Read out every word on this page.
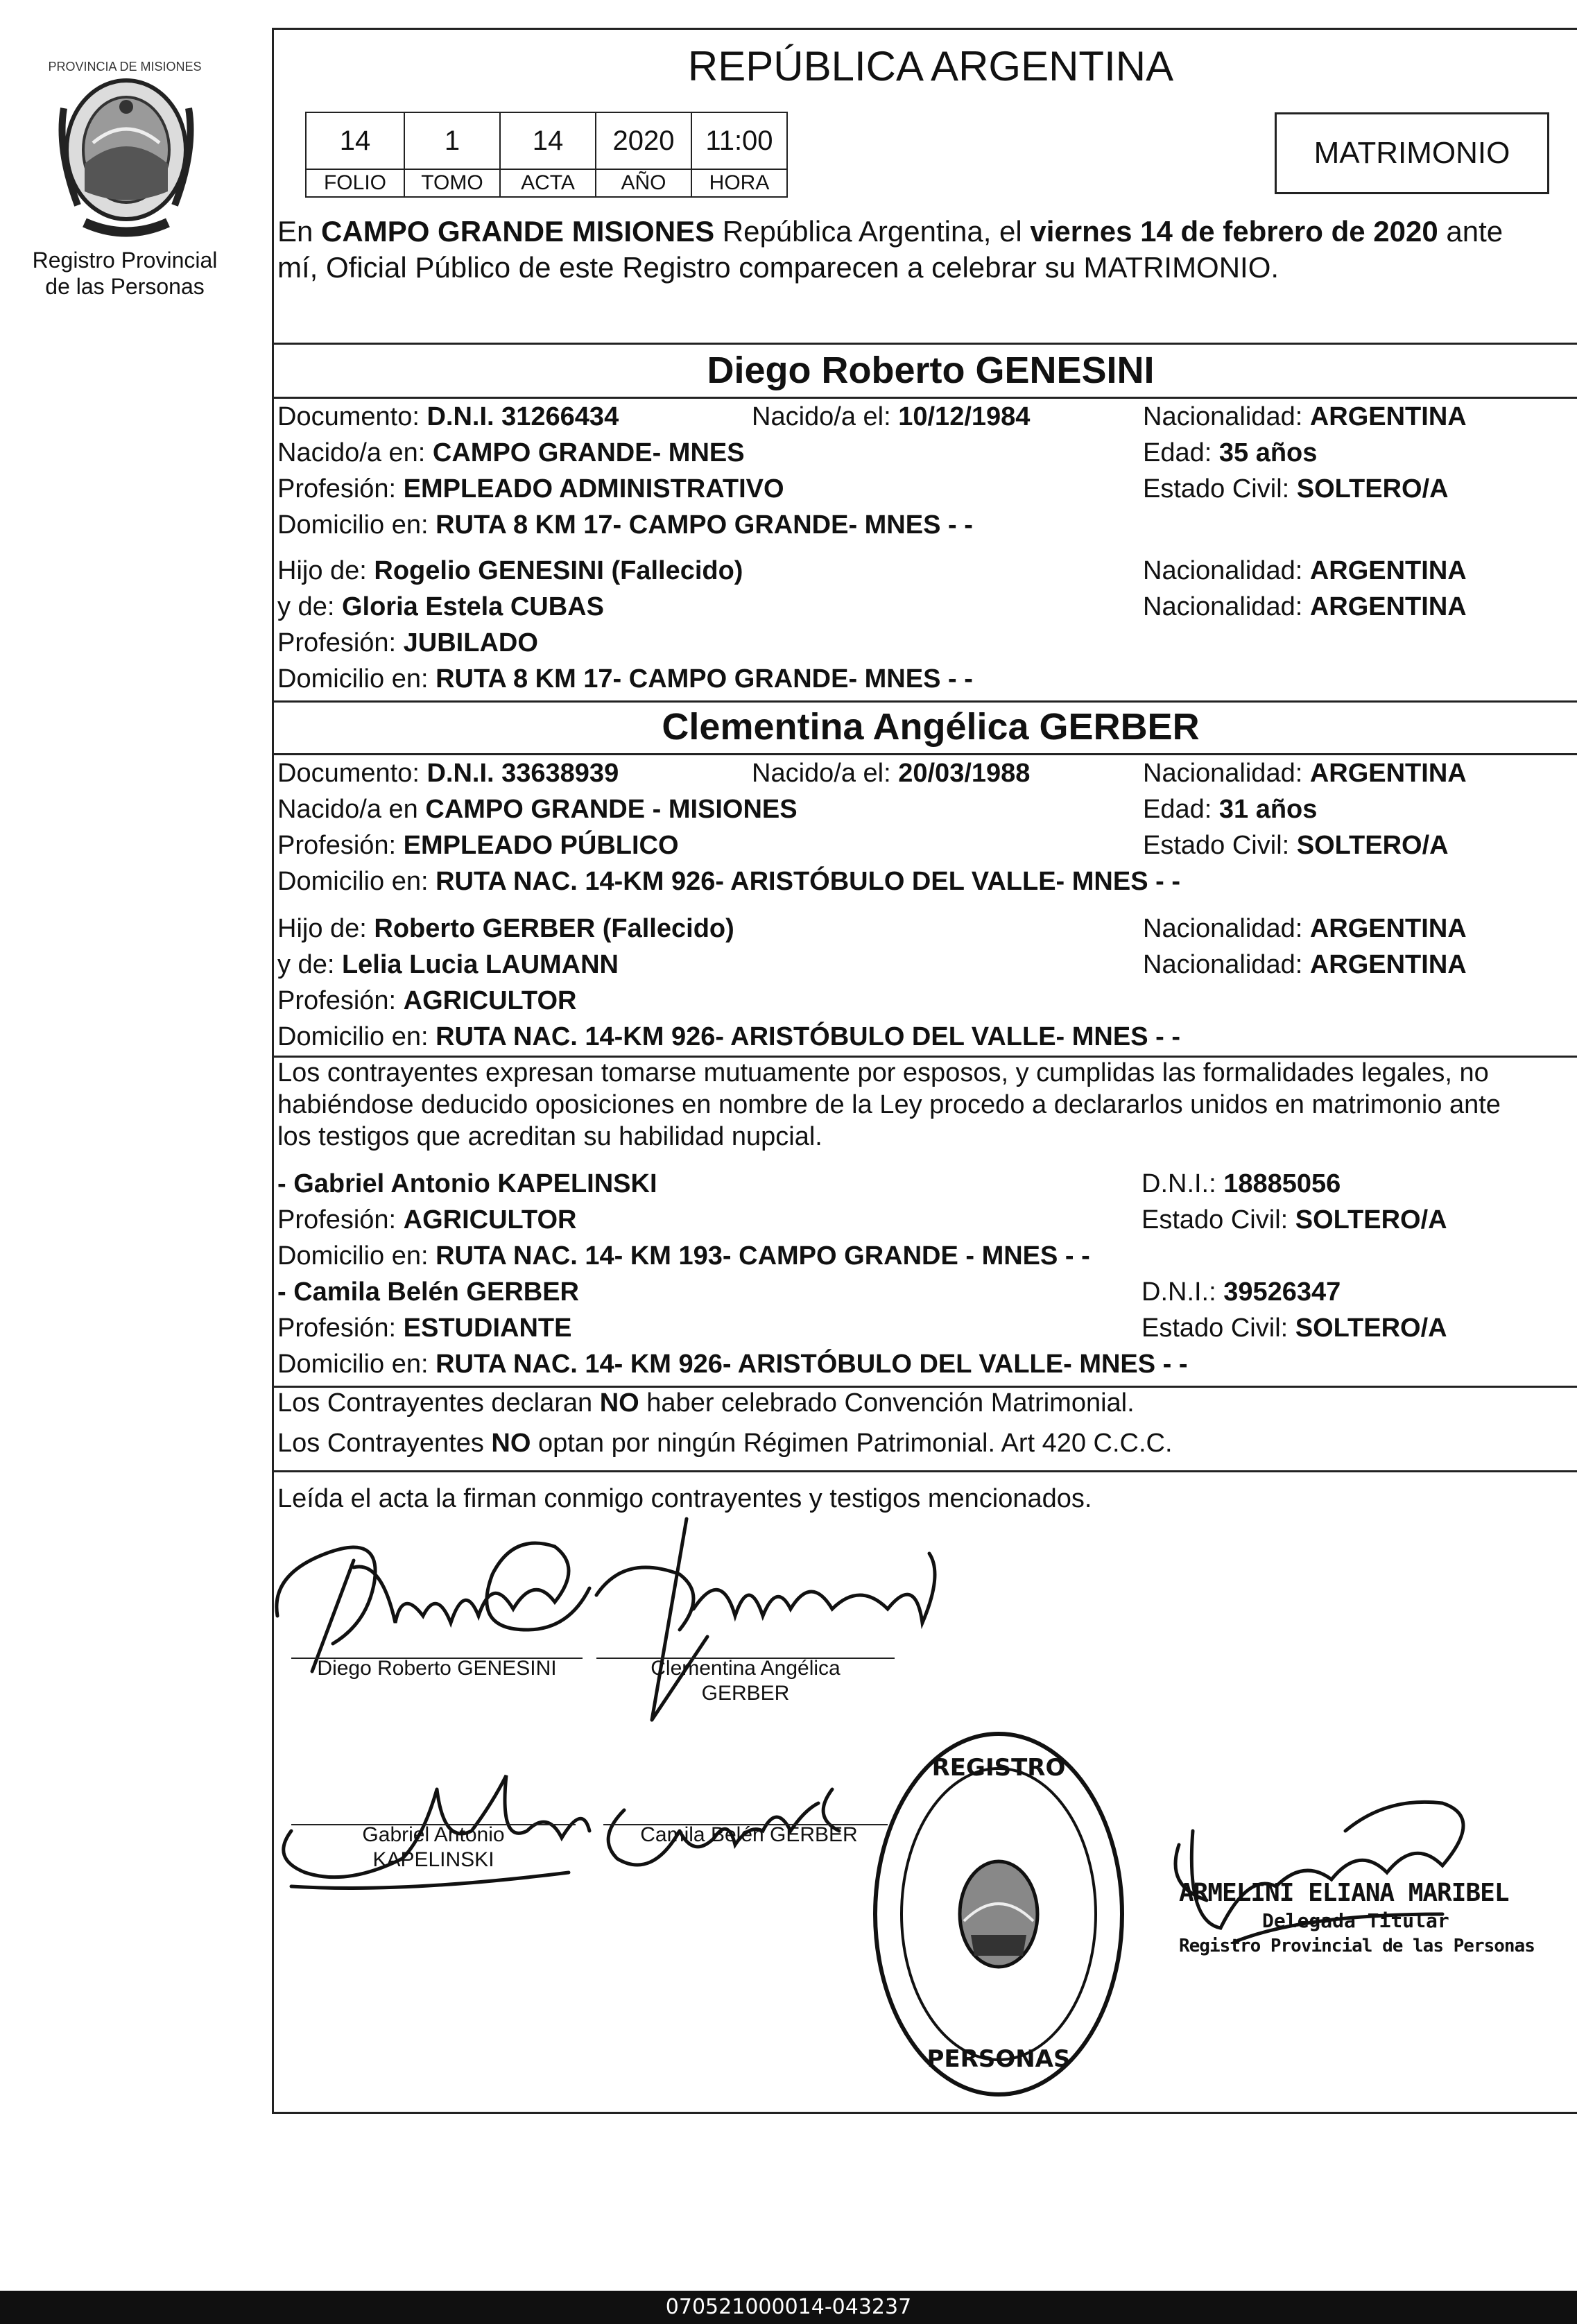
PROVINCIA DE MISIONES
Registro Provincial
de las Personas
REPÚBLICA ARGENTINA
14	1	14	2020	11:00
FOLIO	TOMO	ACTA	AÑO	HORA
MATRIMONIO
En CAMPO GRANDE MISIONES República Argentina, el viernes 14 de febrero de 2020 ante
mí, Oficial Público de este Registro comparecen a celebrar su MATRIMONIO.
Diego Roberto GENESINI
Documento: D.N.I. 31266434	Nacido/a el: 10/12/1984	Nacionalidad: ARGENTINA
Nacido/a en: CAMPO GRANDE- MNES	Edad: 35 años
Profesión: EMPLEADO ADMINISTRATIVO	Estado Civil: SOLTERO/A
Domicilio en: RUTA 8 KM 17- CAMPO GRANDE- MNES - -
Hijo de: Rogelio GENESINI (Fallecido)	Nacionalidad: ARGENTINA
y de: Gloria Estela CUBAS	Nacionalidad: ARGENTINA
Profesión: JUBILADO
Domicilio en: RUTA 8 KM 17- CAMPO GRANDE- MNES - -
Clementina Angélica GERBER
Documento: D.N.I. 33638939	Nacido/a el: 20/03/1988	Nacionalidad: ARGENTINA
Nacido/a en CAMPO GRANDE - MISIONES	Edad: 31 años
Profesión: EMPLEADO PÚBLICO	Estado Civil: SOLTERO/A
Domicilio en: RUTA NAC. 14-KM 926- ARISTÓBULO DEL VALLE- MNES - -
Hijo de: Roberto GERBER (Fallecido)	Nacionalidad: ARGENTINA
y de: Lelia Lucia LAUMANN	Nacionalidad: ARGENTINA
Profesión: AGRICULTOR
Domicilio en: RUTA NAC. 14-KM 926- ARISTÓBULO DEL VALLE- MNES - -
Los contrayentes expresan tomarse mutuamente por esposos, y cumplidas las formalidades legales, no
habiéndose deducido oposiciones en nombre de la Ley procedo a declararlos unidos en matrimonio ante
los testigos que acreditan su habilidad nupcial.
- Gabriel Antonio KAPELINSKI	D.N.I.: 18885056
Profesión: AGRICULTOR	Estado Civil: SOLTERO/A
Domicilio en: RUTA NAC. 14- KM 193- CAMPO GRANDE - MNES - -
- Camila Belén GERBER	D.N.I.: 39526347
Profesión: ESTUDIANTE	Estado Civil: SOLTERO/A
Domicilio en: RUTA NAC. 14- KM 926- ARISTÓBULO DEL VALLE- MNES - -
Los Contrayentes declaran NO haber celebrado Convención Matrimonial.
Los Contrayentes NO optan por ningún Régimen Patrimonial. Art 420 C.C.C.
Leída el acta la firman conmigo contrayentes y testigos mencionados.
Diego Roberto GENESINI	Clementina Angélica
GERBER
Gabriel Antonio
KAPELINSKI
Camila Belén GERBER
REGISTRO
PERSONAS
ARMELINI ELIANA MARIBEL
Delegada Titular
Registro Provincial de las Personas
070521000014-043237
